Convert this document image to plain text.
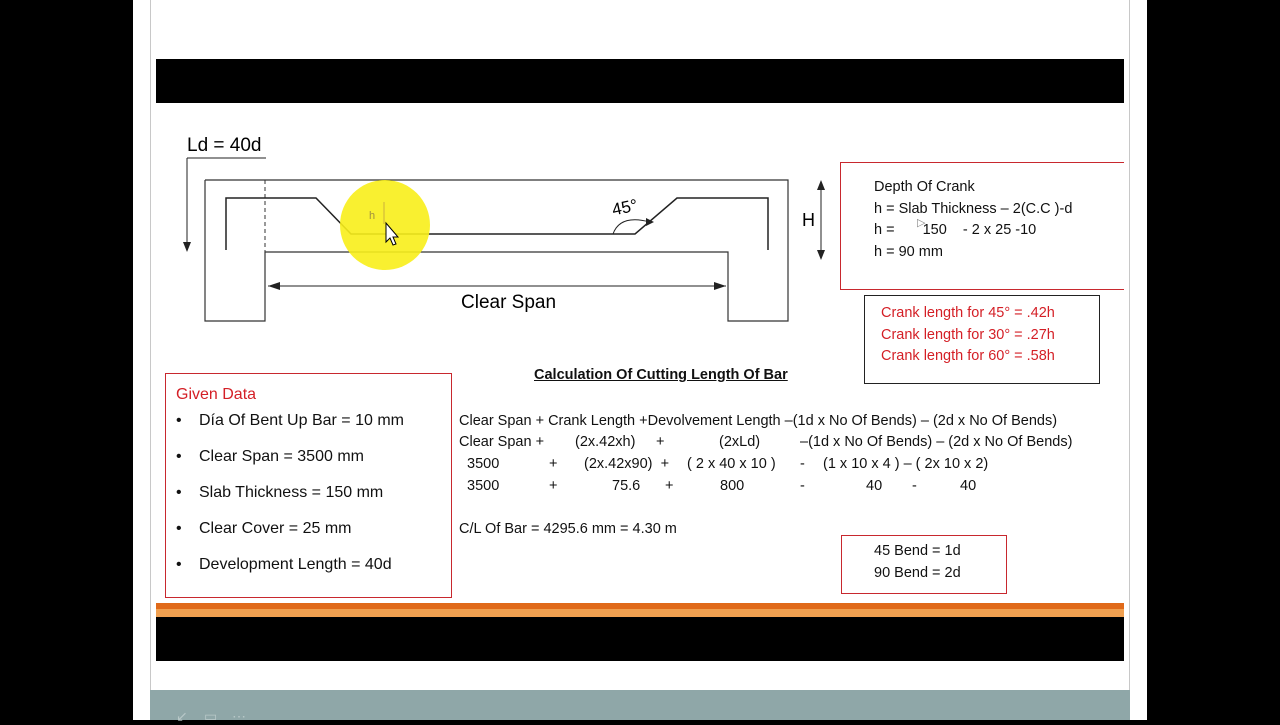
45°
H
Clear Span
Ld = 40d
h
Depth Of Crank
h = Slab Thickness – 2(C.C )-d
h = 150    - 2 x 25 -10
h = 90 mm
▷
Crank length for 45° = .42h
Crank length for 30° = .27h
Crank length for 60° = .58h
Given Data
• Día Of Bent Up Bar = 10 mm
• Clear Span = 3500 mm
• Slab Thickness = 150 mm
• Clear Cover = 25 mm
• Development Length = 40d
Calculation Of Cutting Length Of Bar
Clear Span + Crank Length +Devolvement Length –(1d x No Of Bends) – (2d x No Of Bends)
Clear Span + (2x.42xh) +	(2xLd)	–(1d x No Of Bends) – (2d x No Of Bends)
3500	+ (2x.42x90)  + ( 2 x 40 x 10 ) - (1 x 10 x 4 ) – ( 2x 10 x 2)
3500	+	75.6 +	800	-	40 -	40
C/L Of Bar = 4295.6 mm = 4.30 m
45 Bend = 1d
90 Bend = 2d
↙ ▭ ⋯
